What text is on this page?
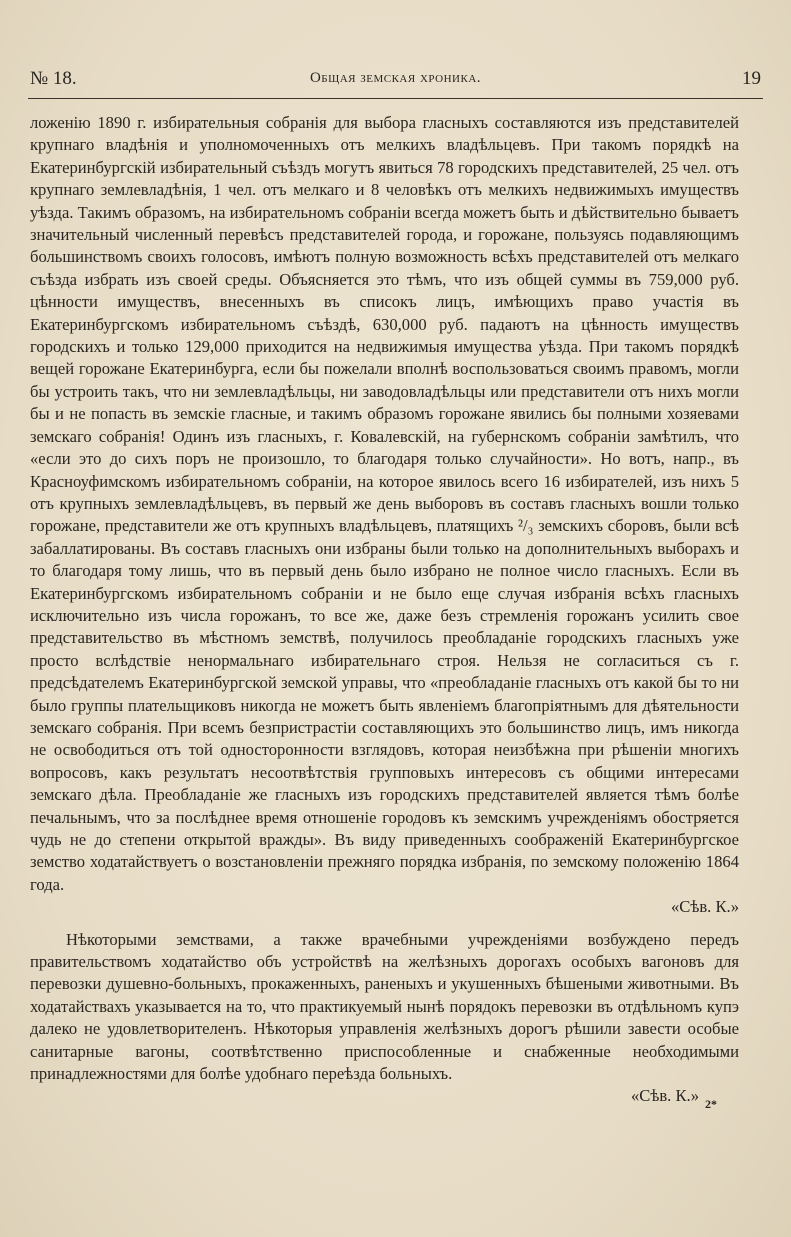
№ 18.	Общая земская хроника.	19

ложенію 1890 г. избирательныя собранія для выбора гласныхъ составляются изъ представителей крупнаго владѣнія и уполномоченныхъ отъ мелкихъ владѣльцевъ. При такомъ порядкѣ на Екатеринбургскій избирательный съѣздъ могутъ явиться 78 городскихъ представителей, 25 чел. отъ крупнаго землевладѣнія, 1 чел. отъ мелкаго и 8 человѣкъ отъ мелкихъ недвижимыхъ имуществъ уѣзда. Такимъ образомъ, на избирательномъ собраніи всегда можетъ быть и дѣйствительно бываетъ значительный численный перевѣсъ представителей города, и горожане, пользуясь подавляющимъ большинствомъ своихъ голосовъ, имѣютъ полную возможность всѣхъ представителей отъ мелкаго съѣзда избрать изъ своей среды. Объясняется это тѣмъ, что изъ общей суммы въ 759,000 руб. цѣнности имуществъ, внесенныхъ въ списокъ лицъ, имѣющихъ право участія въ Екатеринбургскомъ избирательномъ съѣздѣ, 630,000 руб. падаютъ на цѣнность имуществъ городскихъ и только 129,000 приходится на недвижимыя имущества уѣзда. При такомъ порядкѣ вещей горожане Екатеринбурга, если бы пожелали вполнѣ воспользоваться своимъ правомъ, могли бы устроить такъ, что ни землевладѣльцы, ни заводовладѣльцы или представители отъ нихъ могли бы и не попасть въ земскіе гласные, и такимъ образомъ горожане явились бы полными хозяевами земскаго собранія! Одинъ изъ гласныхъ, г. Ковалевскій, на губернскомъ собраніи замѣтилъ, что «если это до сихъ поръ не произошло, то благодаря только случайности». Но вотъ, напр., въ Красноуфимскомъ избирательномъ собраніи, на которое явилось всего 16 избирателей, изъ нихъ 5 отъ крупныхъ землевладѣльцевъ, въ первый же день выборовъ въ составъ гласныхъ вошли только горожане, представители же отъ крупныхъ владѣльцевъ, платящихъ ²/₃ земскихъ сборовъ, были всѣ забаллатированы. Въ составъ гласныхъ они избраны были только на дополнительныхъ выборахъ и то благодаря тому лишь, что въ первый день было избрано не полное число гласныхъ. Если въ Екатеринбургскомъ избирательномъ собраніи и не было еще случая избранія всѣхъ гласныхъ исключительно изъ числа горожанъ, то все же, даже безъ стремленія горожанъ усилить свое представительство въ мѣстномъ земствѣ, получилось преобладаніе городскихъ гласныхъ уже просто вслѣдствіе ненормальнаго избирательнаго строя. Нельзя не согласиться съ г. предсѣдателемъ Екатеринбургской земской управы, что «преобладаніе гласныхъ отъ какой бы то ни было группы плательщиковъ никогда не можетъ быть явленіемъ благопріятнымъ для дѣятельности земскаго собранія. При всемъ безпристрастіи составляющихъ это большинство лицъ, имъ никогда не освободиться отъ той односторонности взглядовъ, которая неизбѣжна при рѣшеніи многихъ вопросовъ, какъ результатъ несоотвѣтствія групповыхъ интересовъ съ общими интересами земскаго дѣла. Преобладаніе же гласныхъ изъ городскихъ представителей является тѣмъ болѣе печальнымъ, что за послѣднее время отношеніе городовъ къ земскимъ учрежденіямъ обостряется чудь не до степени открытой вражды». Въ виду приведенныхъ соображеній Екатеринбургское земство ходатайствуетъ о возстановленіи прежняго порядка избранія, по земскому положенію 1864 года.

«Сѣв. К.»

Нѣкоторыми земствами, а также врачебными учрежденіями возбуждено передъ правительствомъ ходатайство объ устройствѣ на желѣзныхъ дорогахъ особыхъ вагоновъ для перевозки душевно-больныхъ, прокаженныхъ, раненыхъ и укушенныхъ бѣшеными животными. Въ ходатайствахъ указывается на то, что практикуемый нынѣ порядокъ перевозки въ отдѣльномъ купэ далеко не удовлетворителенъ. Нѣкоторыя управленія желѣзныхъ дорогъ рѣшили завести особые санитарные вагоны, соотвѣтственно приспособленные и снабженные необходимыми принадлежностями для болѣе удобнаго переѣзда больныхъ.

«Сѣв. К.» 2*
